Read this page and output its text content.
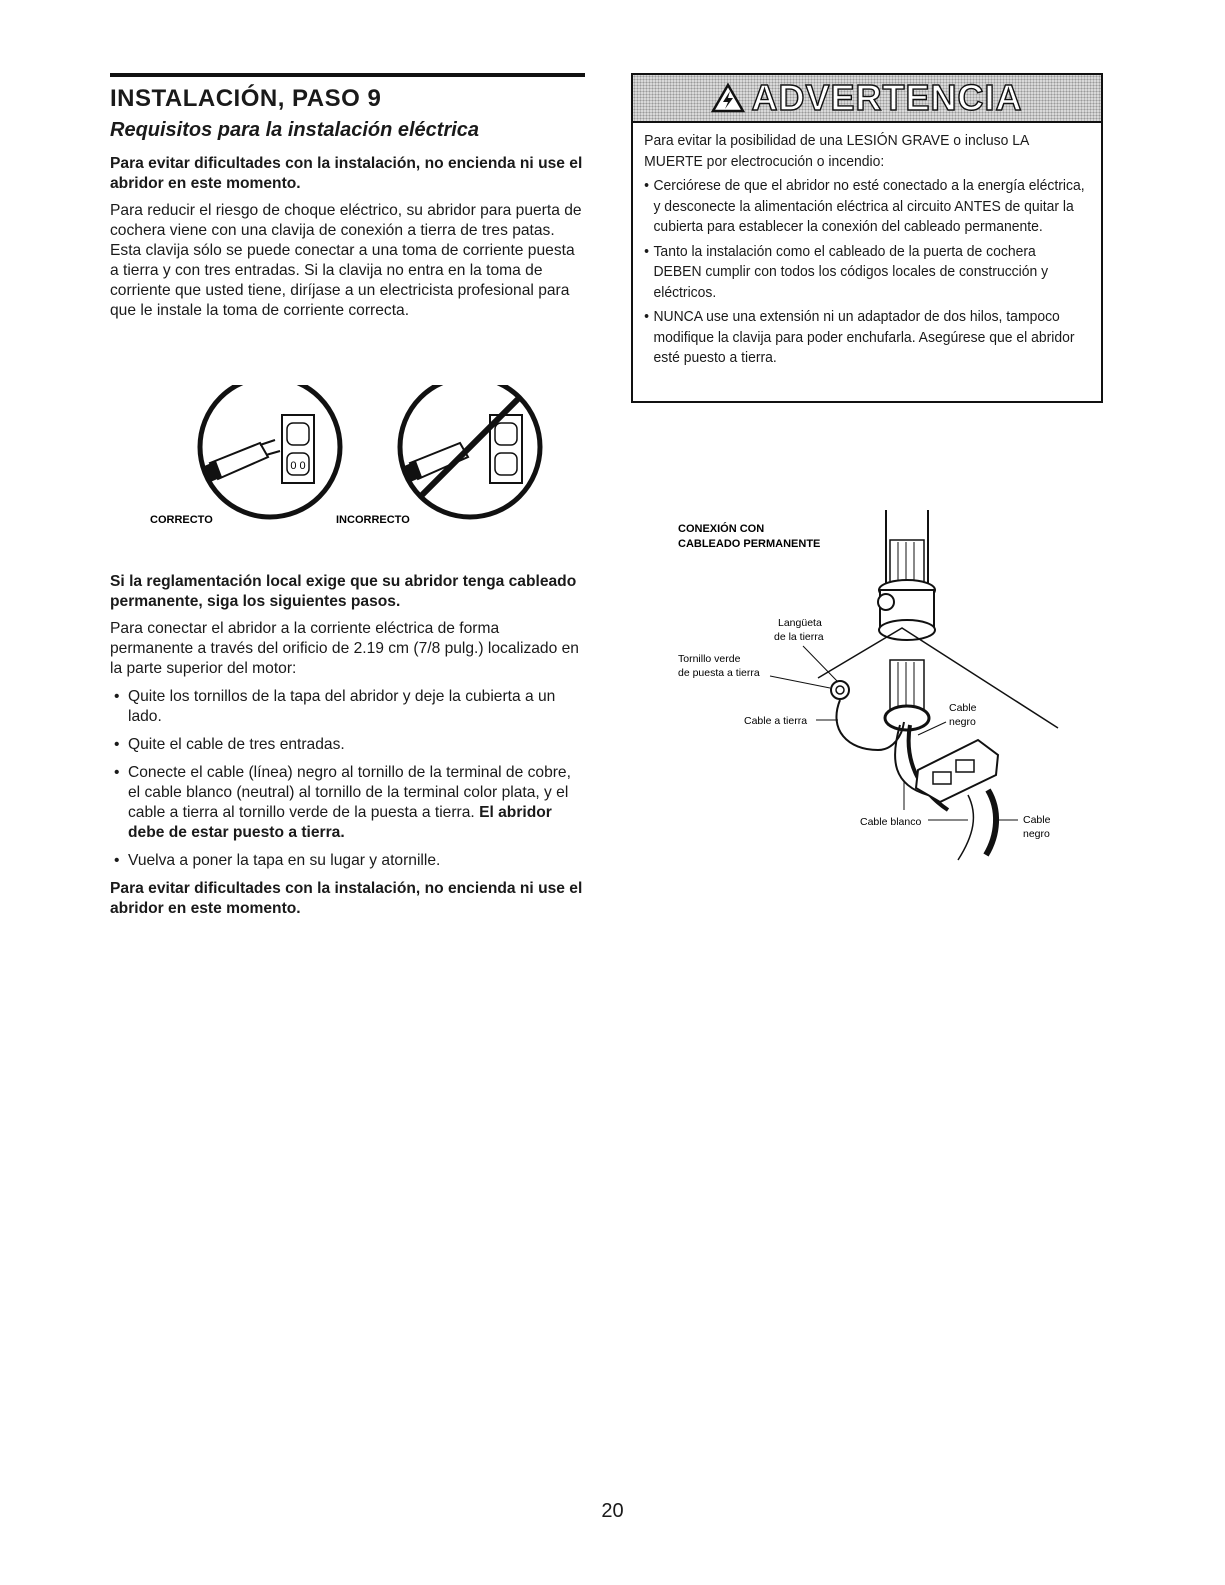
INSTALACIÓN, PASO 9
Requisitos para la instalación eléctrica

Para evitar dificultades con la instalación, no encienda ni use el abridor en este momento.

Para reducir el riesgo de choque eléctrico, su abridor para puerta de cochera viene con una clavija de conexión a tierra de tres patas. Esta clavija sólo se puede conectar a una toma de corriente puesta a tierra y con tres entradas. Si la clavija no entra en la toma de corriente que usted tiene, diríjase a un electricista profesional para que le instale la toma de corriente correcta.

0 0
CORRECTO	INCORRECTO

Si la reglamentación local exige que su abridor tenga cableado permanente, siga los siguientes pasos.

Para conectar el abridor a la corriente eléctrica de forma permanente a través del orificio de 2.19 cm (7/8 pulg.) localizado en la parte superior del motor:

• Quite los tornillos de la tapa del abridor y deje la cubierta a un lado.
• Quite el cable de tres entradas.
• Conecte el cable (línea) negro al tornillo de la terminal de cobre, el cable blanco (neutral) al tornillo de la terminal color plata, y el cable a tierra al tornillo verde de la puesta a tierra. El abridor debe de estar puesto a tierra.
• Vuelva a poner la tapa en su lugar y atornille.

Para evitar dificultades con la instalación, no encienda ni use el abridor en este momento.

ADVERTENCIA

Para evitar la posibilidad de una LESIÓN GRAVE o incluso LA MUERTE por electrocución o incendio:

• Cerciórese de que el abridor no esté conectado a la energía eléctrica, y desconecte la alimentación eléctrica al circuito ANTES de quitar la cubierta para establecer la conexión del cableado permanente.
• Tanto la instalación como el cableado de la puerta de cochera DEBEN cumplir con todos los códigos locales de construcción y eléctricos.
• NUNCA use una extensión ni un adaptador de dos hilos, tampoco modifique la clavija para poder enchufarla. Asegúrese que el abridor esté puesto a tierra.
CONEXIÓN CON
CABLEADO PERMANENTE
Langüeta
de la tierra
Tornillo verde
de puesta a tierra
Cable a tierra
Cable
negro
Cable blanco	Cable
negro
20
